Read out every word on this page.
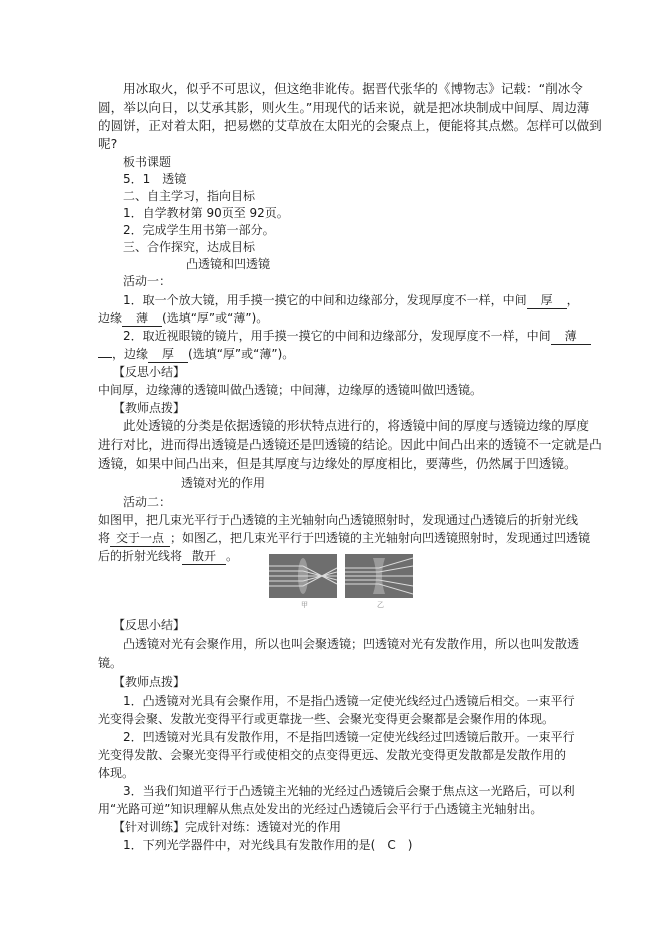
用冰取火，似乎不可思议，但这绝非讹传。据晋代张华的《博物志》记载：“削冰令
圆，举以向日，以艾承其影，则火生。”用现代的话来说，就是把冰块制成中间厚、周边薄
的圆饼，正对着太阳，把易燃的艾草放在太阳光的会聚点上，便能将其点燃。怎样可以做到
呢?
板书课题
5．1　透镜
二、自主学习，指向目标
1．自学教材第 90页至 92页。
2．完成学生用书第一部分。
三、合作探究，达成目标
凸透镜和凹透镜
活动一：
1．取一个放大镜，用手摸一摸它的中间和边缘部分，发现厚度不一样，中间 厚 ，
边缘 薄 (选填“厚”或“薄”)。
2．取近视眼镜的镜片，用手摸一摸它的中间和边缘部分，发现厚度不一样，中间 薄
，边缘 厚 (选填“厚”或“薄”)。
【反思小结】
中间厚，边缘薄的透镜叫做凸透镜；中间薄，边缘厚的透镜叫做凹透镜。
【教师点拨】
此处透镜的分类是依据透镜的形状特点进行的，将透镜中间的厚度与透镜边缘的厚度
进行对比，进而得出透镜是凸透镜还是凹透镜的结论。因此中间凸出来的透镜不一定就是凸
透镜，如果中间凸出来，但是其厚度与边缘处的厚度相比，要薄些，仍然属于凹透镜。
透镜对光的作用
活动二：
如图甲，把几束光平行于凸透镜的主光轴射向凸透镜照射时，发现通过凸透镜后的折射光线
将 交于一点 ；如图乙，把几束光平行于凹透镜的主光轴射向凹透镜照射时，发现通过凹透镜
后的折射光线将 散开 。
甲	乙
【反思小结】
凸透镜对光有会聚作用，所以也叫会聚透镜；凹透镜对光有发散作用，所以也叫发散透
镜。
【教师点拨】
1．凸透镜对光具有会聚作用，不是指凸透镜一定使光线经过凸透镜后相交。一束平行
光变得会聚、发散光变得平行或更靠拢一些、会聚光变得更会聚都是会聚作用的体现。
2．凹透镜对光具有发散作用，不是指凹透镜一定使光线经过凹透镜后散开。一束平行
光变得发散、会聚光变得平行或使相交的点变得更远、发散光变得更发散都是发散作用的
体现。
3．当我们知道平行于凸透镜主光轴的光经过凸透镜后会聚于焦点这一光路后，可以利
用“光路可逆”知识理解从焦点处发出的光经过凸透镜后会平行于凸透镜主光轴射出。
【针对训练】完成针对练：透镜对光的作用
1．下列光学器件中，对光线具有发散作用的是(　C　)
